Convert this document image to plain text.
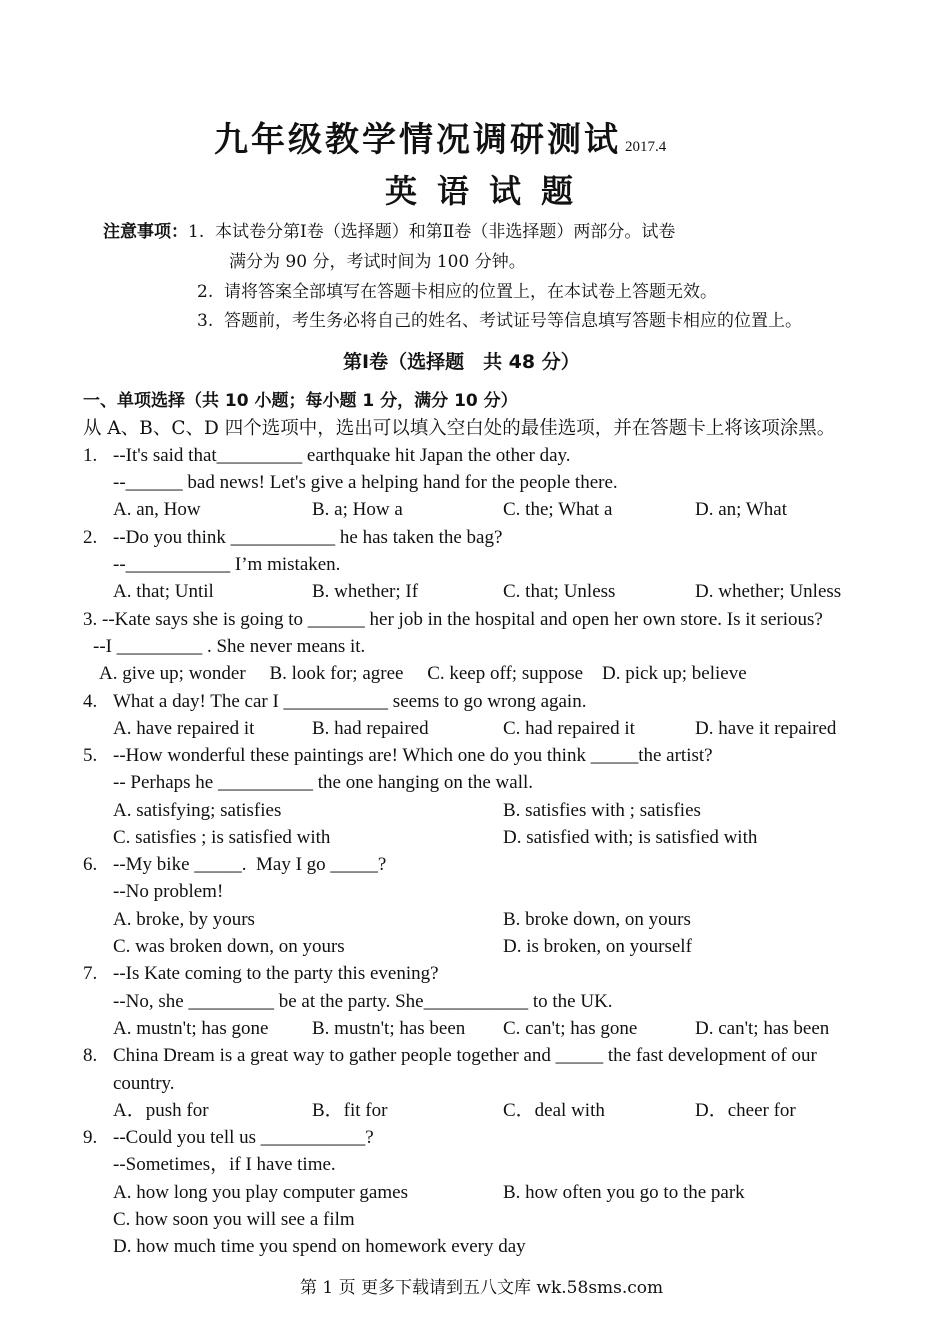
九年级教学情况调研测试 2017.4
英语试题
注意事项：1. 本试卷分第Ⅰ卷（选择题）和第Ⅱ卷（非选择题）两部分。试卷
满分为 90 分，考试时间为 100 分钟。
2. 请将答案全部填写在答题卡相应的位置上，在本试卷上答题无效。
3. 答题前，考生务必将自己的姓名、考试证号等信息填写答题卡相应的位置上。
第Ⅰ卷（选择题　共 48 分）
一、单项选择（共 10 小题；每小题 1 分，满分 10 分）
从 A、B、C、D 四个选项中，选出可以填入空白处的最佳选项，并在答题卡上将该项涂黑。
1. --It's said that_________ earthquake hit Japan the other day.
--______ bad news! Let's give a helping hand for the people there.
A. an, How	B. a; How a	C. the; What a	D. an; What
2. --Do you think ___________ he has taken the bag?
--___________ I’m mistaken.
A. that; Until	B. whether; If	C. that; Unless	D. whether; Unless
3. --Kate says she is going to ______ her job in the hospital and open her own store. Is it serious?
--I _________ . She never means it.
A. give up; wonder　 B. look for; agree　 C. keep off; suppose　D. pick up; believe
4. What a day! The car I ___________ seems to go wrong again.
A. have repaired it	B. had repaired	C. had repaired it	D. have it repaired
5. --How wonderful these paintings are! Which one do you think _____the artist?
-- Perhaps he __________ the one hanging on the wall.
A. satisfying; satisfies	B. satisfies with ; satisfies
C. satisfies ; is satisfied with	D. satisfied with; is satisfied with
6. --My bike _____.  May I go _____?
--No problem!
A. broke, by yours	B. broke down, on yours
C. was broken down, on yours	D. is broken, on yourself
7. --Is Kate coming to the party this evening?
--No, she _________ be at the party. She___________ to the UK.
A. mustn't; has gone B. mustn't; has been C. can't; has gone	D. can't; has been
8. China Dream is a great way to gather people together and _____ the fast development of our
country.
A．push for	B．fit for	C．deal with	D．cheer for
9. --Could you tell us ___________?
--Sometimes，if I have time.
A. how long you play computer games	B. how often you go to the park
C. how soon you will see a film
D. how much time you spend on homework every day
第 1 页 更多下载请到五八文库 wk.58sms.com
